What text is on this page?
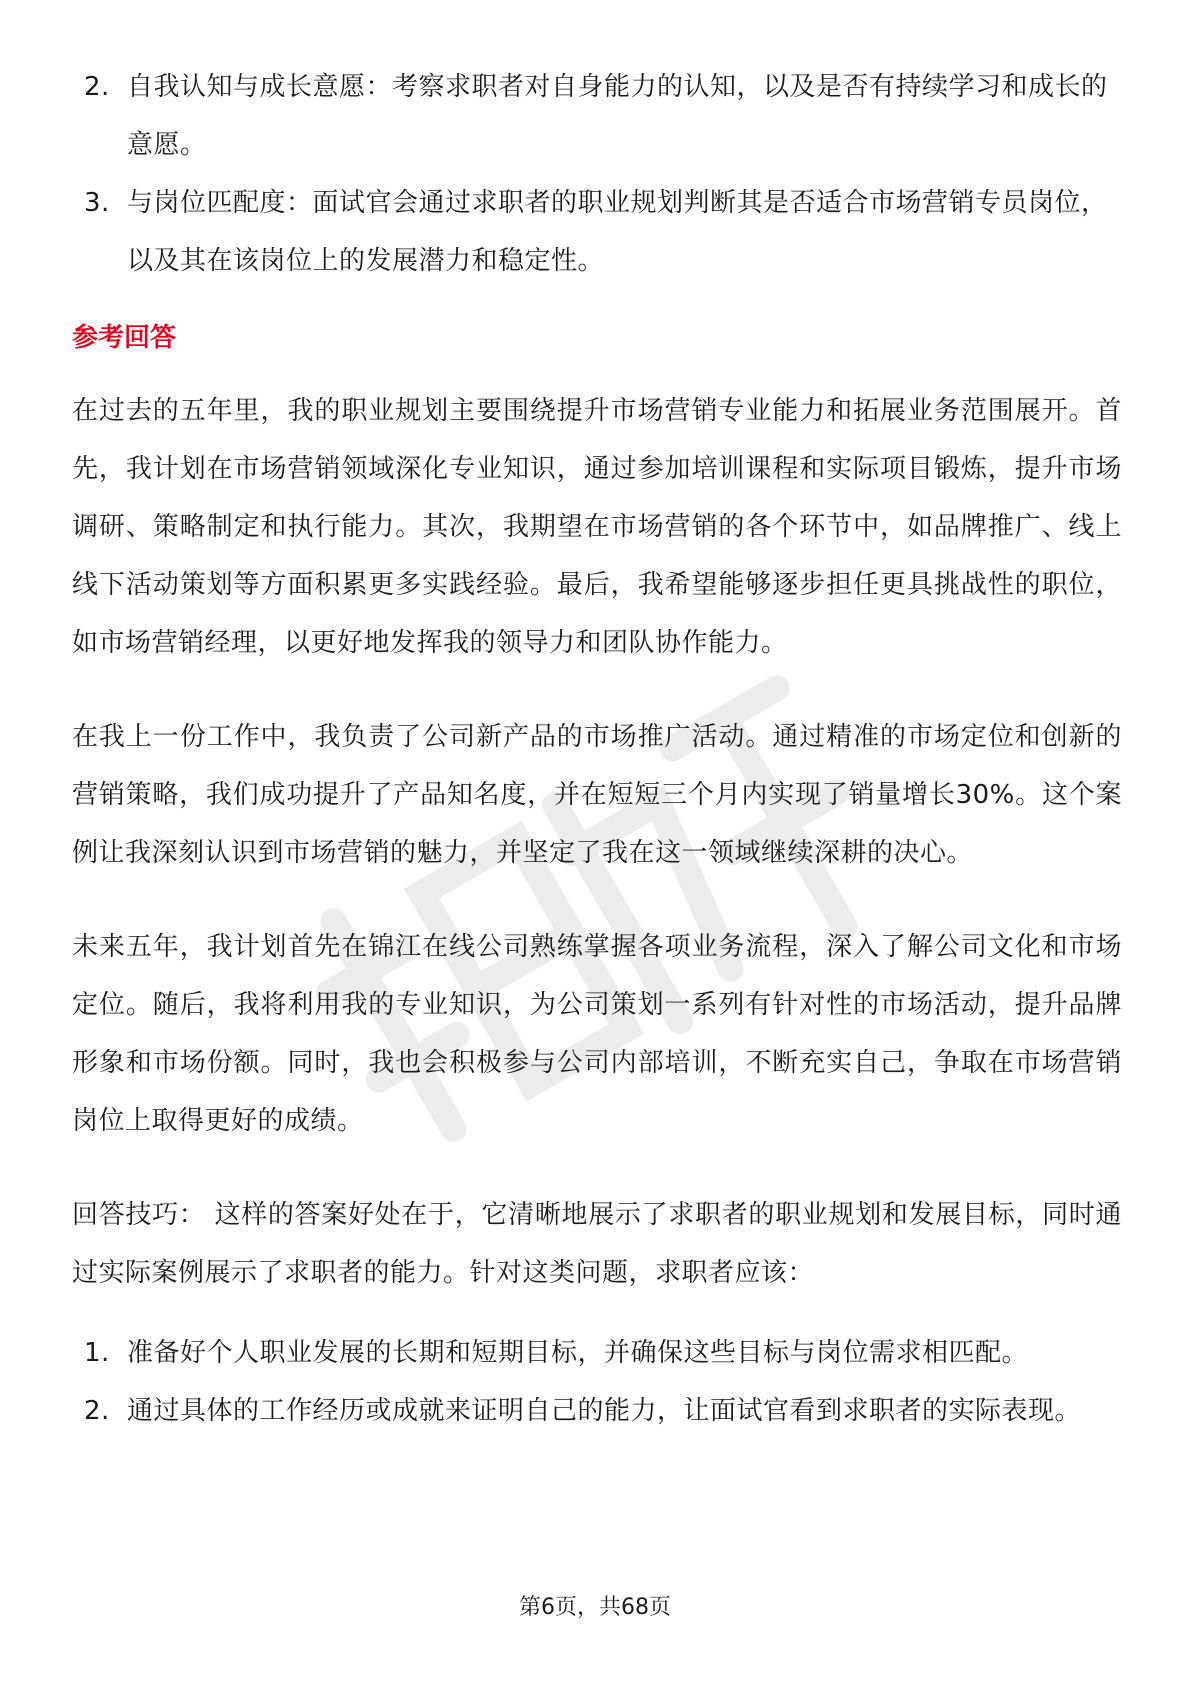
2. 自我认知与成长意愿：考察求职者对自身能力的认知，以及是否有持续学习和成长的意愿。
3. 与岗位匹配度：面试官会通过求职者的职业规划判断其是否适合市场营销专员岗位，以及其在该岗位上的发展潜力和稳定性。
参考回答

在过去的五年里，我的职业规划主要围绕提升市场营销专业能力和拓展业务范围展开。首先，我计划在市场营销领域深化专业知识，通过参加培训课程和实际项目锻炼，提升市场调研、策略制定和执行能力。其次，我期望在市场营销的各个环节中，如品牌推广、线上线下活动策划等方面积累更多实践经验。最后，我希望能够逐步担任更具挑战性的职位，如市场营销经理，以更好地发挥我的领导力和团队协作能力。

在我上一份工作中，我负责了公司新产品的市场推广活动。通过精准的市场定位和创新的营销策略，我们成功提升了产品知名度，并在短短三个月内实现了销量增长30%。这个案例让我深刻认识到市场营销的魅力，并坚定了我在这一领域继续深耕的决心。

未来五年，我计划首先在锦江在线公司熟练掌握各项业务流程，深入了解公司文化和市场定位。随后，我将利用我的专业知识，为公司策划一系列有针对性的市场活动，提升品牌形象和市场份额。同时，我也会积极参与公司内部培训，不断充实自己，争取在市场营销岗位上取得更好的成绩。

回答技巧： 这样的答案好处在于，它清晰地展示了求职者的职业规划和发展目标，同时通过实际案例展示了求职者的能力。针对这类问题，求职者应该：

1. 准备好个人职业发展的长期和短期目标，并确保这些目标与岗位需求相匹配。
2. 通过具体的工作经历或成就来证明自己的能力，让面试官看到求职者的实际表现。
第6页，共68页
